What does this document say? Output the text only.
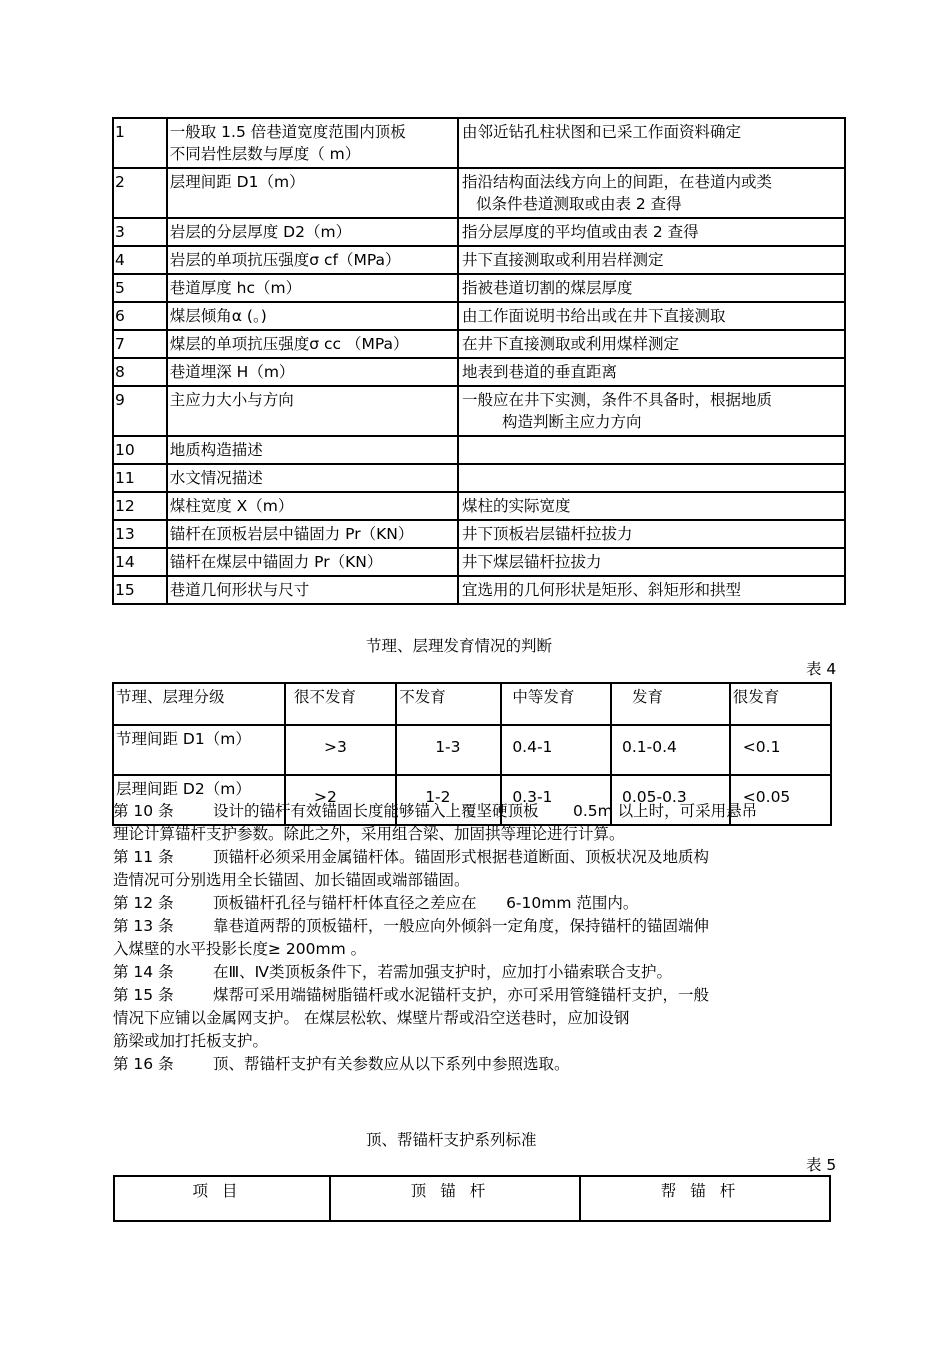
1	一般取 1.5 倍巷道宽度范围内顶板
不同岩性层数与厚度（ m）	由邻近钻孔柱状图和已采工作面资料确定

2	层理间距 D1（m）	指沿结构面法线方向上的间距，在巷道内或类
似条件巷道测取或由表 2 查得

3	岩层的分层厚度 D2（m）	指分层厚度的平均值或由表 2 查得

4	岩层的单项抗压强度σ cf（MPa）	井下直接测取或利用岩样测定

5	巷道厚度 hc（m）	指被巷道切割的煤层厚度

6	煤层倾角α (。)	由工作面说明书给出或在井下直接测取

7	煤层的单项抗压强度σ cc （MPa）	在井下直接测取或利用煤样测定

8	巷道埋深 H（m）	地表到巷道的垂直距离

9	主应力大小与方向	一般应在井下实测，条件不具备时，根据地质
构造判断主应力方向

10	地质构造描述	

11	水文情况描述	

12	煤柱宽度 X（m）	煤柱的实际宽度

13	锚杆在顶板岩层中锚固力 Pr（KN）	井下顶板岩层锚杆拉拔力

14	锚杆在煤层中锚固力 Pr（KN）	井下煤层锚杆拉拔力

15	巷道几何形状与尺寸	宜选用的几何形状是矩形、斜矩形和拱型
节理、层理发育情况的判断
表 4
节理、层理分级	很不发育	不发育	中等发育	发育	很发育
节理间距 D1（m）	>3	1-3	0.4-1	0.1-0.4	<0.1
层理间距 D2（m）	>2	1-2	0.3-1	0.05-0.3	<0.05
第 10 条	设计的锚杆有效锚固长度能够锚入上覆坚硬顶板       0.5m 以上时，可采用悬吊
理论计算锚杆支护参数。除此之外，采用组合梁、加固拱等理论进行计算。
第 11 条	顶锚杆必须采用金属锚杆体。锚固形式根据巷道断面、顶板状况及地质构
造情况可分别选用全长锚固、加长锚固或端部锚固。
第 12 条	顶板锚杆孔径与锚杆杆体直径之差应在      6-10mm 范围内。
第 13 条	靠巷道两帮的顶板锚杆，一般应向外倾斜一定角度，保持锚杆的锚固端伸
入煤壁的水平投影长度≥ 200mm 。
第 14 条	在Ⅲ、Ⅳ类顶板条件下，若需加强支护时，应加打小锚索联合支护。
第 15 条	煤帮可采用端锚树脂锚杆或水泥锚杆支护，亦可采用管缝锚杆支护，一般
情况下应铺以金属网支护。 在煤层松软、煤壁片帮或沿空送巷时，应加设钢
筋梁或加打托板支护。
第 16 条	顶、帮锚杆支护有关参数应从以下系列中参照选取。
顶、帮锚杆支护系列标准
表 5
项目	顶锚杆	帮锚杆
